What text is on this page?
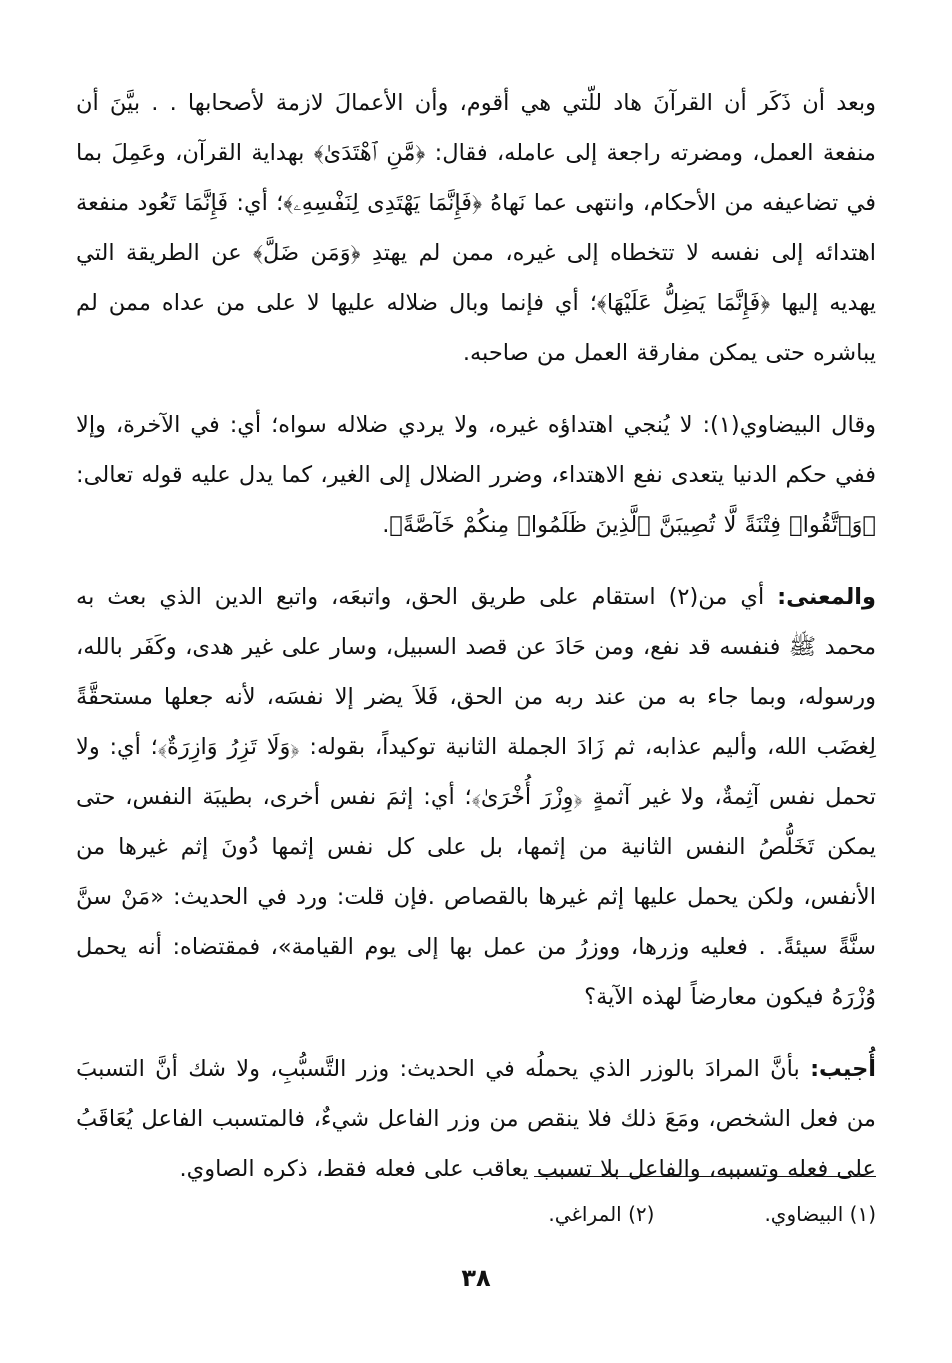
وبعد أن ذَكَر أن القرآنَ هاد للّتي هي أقوم، وأن الأعمالَ لازمة لأصحابها . . بيَّنَ أن منفعة العمل، ومضرته راجعة إلى عامله، فقال: ﴿مَّنِ ٱهْتَدَىٰ﴾ بهداية القرآن، وعَمِلَ بما في تضاعيفه من الأحكام، وانتهى عما نَهاهُ ﴿فَإِنَّمَا يَهْتَدِى لِنَفْسِهِۦ﴾؛ أي: فَإِنَّمَا تَعُود منفعة اهتدائه إلى نفسه لا تتخطاه إلى غيره، ممن لم يهتدِ ﴿وَمَن ضَلَّ﴾ عن الطريقة التي يهديه إليها ﴿فَإِنَّمَا يَضِلُّ عَلَيْهَا﴾؛ أي فإنما وبال ضلاله عليها لا على من عداه ممن لم يباشره حتى يمكن مفارقة العمل من صاحبه.

وقال البيضاوي(١): لا يُنجي اهتداؤه غيره، ولا يردي ضلاله سواه؛ أي: في الآخرة، وإلا ففي حكم الدنيا يتعدى نفع الاهتداء، وضرر الضلال إلى الغير، كما يدل عليه قوله تعالى: ﴿وَٱتَّقُوا۟ فِتْنَةً لَّا تُصِيبَنَّ ٱلَّذِينَ ظَلَمُوا۟ مِنكُمْ خَآصَّةً﴾.

والمعنى: أي من(٢) استقام على طريق الحق، واتبعَه، واتبع الدين الذي بعث به محمد ﷺ فنفسه قد نفع، ومن حَادَ عن قصد السبيل، وسار على غير هدى، وكَفَر بالله، ورسوله، وبما جاء به من عند ربه من الحق، فَلاَ يضر إلا نفسَه، لأنه جعلها مستحقَّةً لِغضَب الله، وأليم عذابه، ثم زَادَ الجملة الثانية توكيداً، بقوله: ﴿وَلَا تَزِرُ وَازِرَةٌ﴾؛ أي: ولا تحمل نفس آثِمةٌ، ولا غير آثمةٍ ﴿وِزْرَ أُخْرَىٰ﴾؛ أي: إثمَ نفس أخرى، بطيبَة النفس، حتى يمكن تَخَلُّصُ النفس الثانية من إثمها، بل على كل نفس إثمها دُونَ إثم غيرها من الأنفس، ولكن يحمل عليها إثم غيرها بالقصاص .فإن قلت: ورد في الحديث: «مَنْ سنَّ سنَّةً سيئةً. . فعليه وزرها، ووزرُ من عمل بها إلى يوم القيامة»، فمقتضاه: أنه يحمل وُزْرَهُ فيكون معارضاً لهذه الآية؟

أُجيب: بأنَّ المرادَ بالوزر الذي يحملُه في الحديث: وزر التَّسبُّبِ، ولا شك أنَّ التسببَ من فعل الشخص، ومَعَ ذلك فلا ينقص من وزر الفاعل شيءٌ، فالمتسبب الفاعل يُعَاقَبُ على فعله وتسببه، والفاعل بلا تسبب يعاقب على فعله فقط، ذكره الصاوي.

(١) البيضاوي.
(٢) المراغي.
٣٨
